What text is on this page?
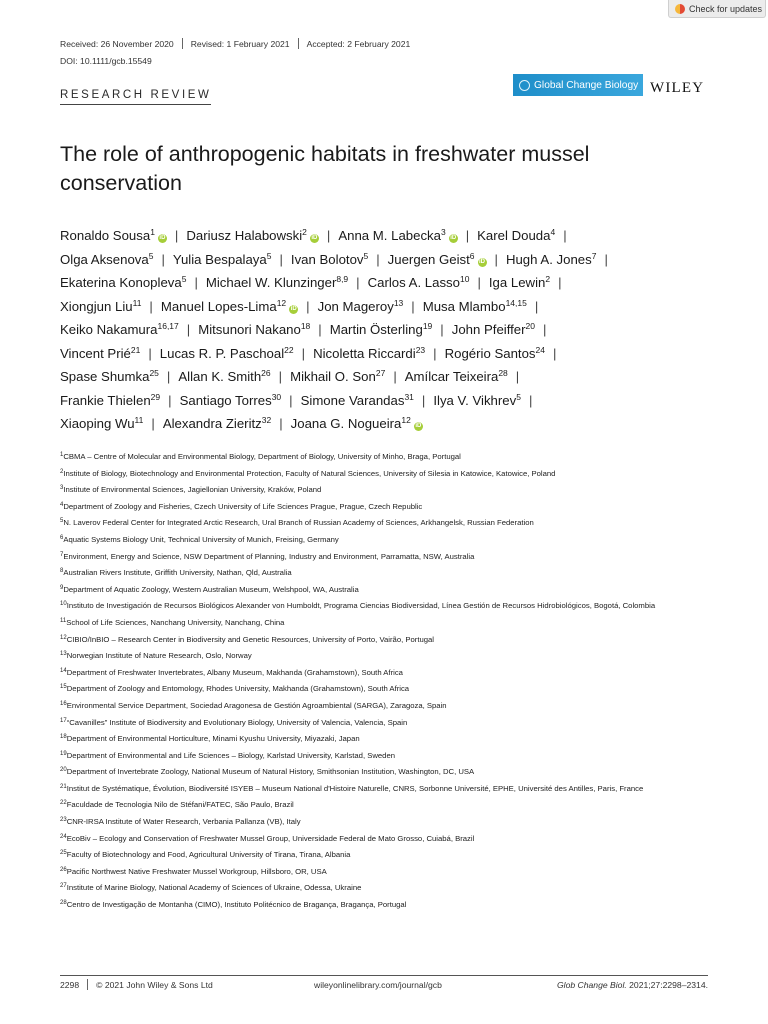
Check for updates
Received: 26 November 2020 Revised: 1 February 2021 Accepted: 2 February 2021
DOI: 10.1111/gcb.15549
RESEARCH REVIEW
Global Change Biology WILEY
The role of anthropogenic habitats in freshwater mussel conservation
Ronaldo Sousa$^1$iD | Dariusz Halabowski$^2$iD | Anna M. Labecka$^3$iD | Karel Douda$^4$ |
Olga Aksenova$^5$ | Yulia Bespalaya$^5$ | Ivan Bolotov$^5$ | Juergen Geist$^6$iD | Hugh A. Jones$^7$ |
Ekaterina Konopleva$^5$ | Michael W. Klunzinger$^{8,9}$ | Carlos A. Lasso$^{10}$ | Iga Lewin$^2$ |
Xiongjun Liu$^{11}$ | Manuel Lopes-Lima$^{12}$iD | Jon Mageroy$^{13}$ | Musa Mlambo$^{14,15}$ |
Keiko Nakamura$^{16,17}$ | Mitsunori Nakano$^{18}$ | Martin Österling$^{19}$ | John Pfeiffer$^{20}$ |
Vincent Prié$^{21}$ | Lucas R. P. Paschoal$^{22}$ | Nicoletta Riccardi$^{23}$ | Rogério Santos$^{24}$ |
Spase Shumka$^{25}$ | Allan K. Smith$^{26}$ | Mikhail O. Son$^{27}$ | Amílcar Teixeira$^{28}$ |
Frankie Thielen$^{29}$ | Santiago Torres$^{30}$ | Simone Varandas$^{31}$ | Ilya V. Vikhrev$^5$ |
Xiaoping Wu$^{11}$ | Alexandra Zieritz$^{32}$ | Joana G. Nogueira$^{12}$iD
$^1$CBMA – Centre of Molecular and Environmental Biology, Department of Biology, University of Minho, Braga, Portugal
$^2$Institute of Biology, Biotechnology and Environmental Protection, Faculty of Natural Sciences, University of Silesia in Katowice, Katowice, Poland
$^3$Institute of Environmental Sciences, Jagiellonian University, Kraków, Poland
$^4$Department of Zoology and Fisheries, Czech University of Life Sciences Prague, Prague, Czech Republic
$^5$N. Laverov Federal Center for Integrated Arctic Research, Ural Branch of Russian Academy of Sciences, Arkhangelsk, Russian Federation
$^6$Aquatic Systems Biology Unit, Technical University of Munich, Freising, Germany
$^7$Environment, Energy and Science, NSW Department of Planning, Industry and Environment, Parramatta, NSW, Australia
$^8$Australian Rivers Institute, Griffith University, Nathan, Qld, Australia
$^9$Department of Aquatic Zoology, Western Australian Museum, Welshpool, WA, Australia
$^{10}$Instituto de Investigación de Recursos Biológicos Alexander von Humboldt, Programa Ciencias Biodiversidad, Línea Gestión de Recursos Hidrobiológicos, Bogotá, Colombia
$^{11}$School of Life Sciences, Nanchang University, Nanchang, China
$^{12}$CIBIO/InBIO – Research Center in Biodiversity and Genetic Resources, University of Porto, Vairão, Portugal
$^{13}$Norwegian Institute of Nature Research, Oslo, Norway
$^{14}$Department of Freshwater Invertebrates, Albany Museum, Makhanda (Grahamstown), South Africa
$^{15}$Department of Zoology and Entomology, Rhodes University, Makhanda (Grahamstown), South Africa
$^{16}$Environmental Service Department, Sociedad Aragonesa de Gestión Agroambiental (SARGA), Zaragoza, Spain
$^{17}$“Cavanilles” Institute of Biodiversity and Evolutionary Biology, University of Valencia, Valencia, Spain
$^{18}$Department of Environmental Horticulture, Minami Kyushu University, Miyazaki, Japan
$^{19}$Department of Environmental and Life Sciences – Biology, Karlstad University, Karlstad, Sweden
$^{20}$Department of Invertebrate Zoology, National Museum of Natural History, Smithsonian Institution, Washington, DC, USA
$^{21}$Institut de Systématique, Évolution, Biodiversité ISYEB – Museum National d'Histoire Naturelle, CNRS, Sorbonne Université, EPHE, Université des Antilles, Paris, France
$^{22}$Faculdade de Tecnologia Nilo de Stéfani/FATEC, São Paulo, Brazil
$^{23}$CNR-IRSA Institute of Water Research, Verbania Pallanza (VB), Italy
$^{24}$EcoBiv – Ecology and Conservation of Freshwater Mussel Group, Universidade Federal de Mato Grosso, Cuiabá, Brazil
$^{25}$Faculty of Biotechnology and Food, Agricultural University of Tirana, Tirana, Albania
$^{26}$Pacific Northwest Native Freshwater Mussel Workgroup, Hillsboro, OR, USA
$^{27}$Institute of Marine Biology, National Academy of Sciences of Ukraine, Odessa, Ukraine
$^{28}$Centro de Investigação de Montanha (CIMO), Instituto Politécnico de Bragança, Bragança, Portugal
2298 © 2021 John Wiley & Sons Ltd	wileyonlinelibrary.com/journal/gcb	Glob Change Biol. 2021;27:2298–2314.
